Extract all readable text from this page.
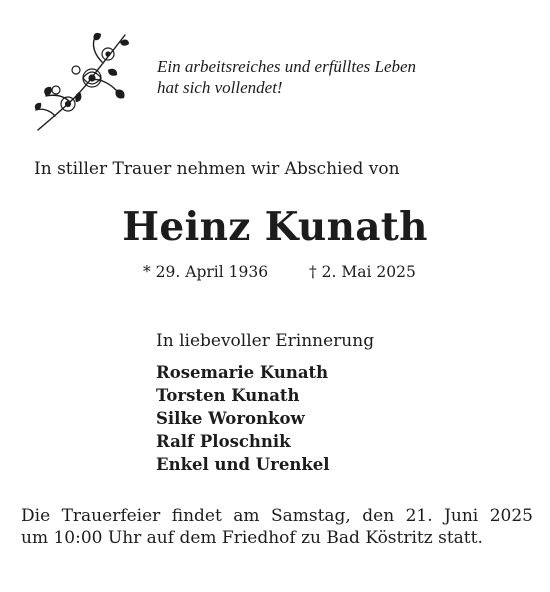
Ein arbeitsreiches und erfülltes Leben
hat sich vollendet!
In stiller Trauer nehmen wir Abschied von
Heinz Kunath
* 29. April 1936	† 2. Mai 2025
In liebevoller Erinnerung
Rosemarie Kunath
Torsten Kunath
Silke Woronkow
Ralf Ploschnik
Enkel und Urenkel
Die Trauerfeier findet am Samstag, den 21. Juni 2025
um 10:00 Uhr auf dem Friedhof zu Bad Köstritz statt.
